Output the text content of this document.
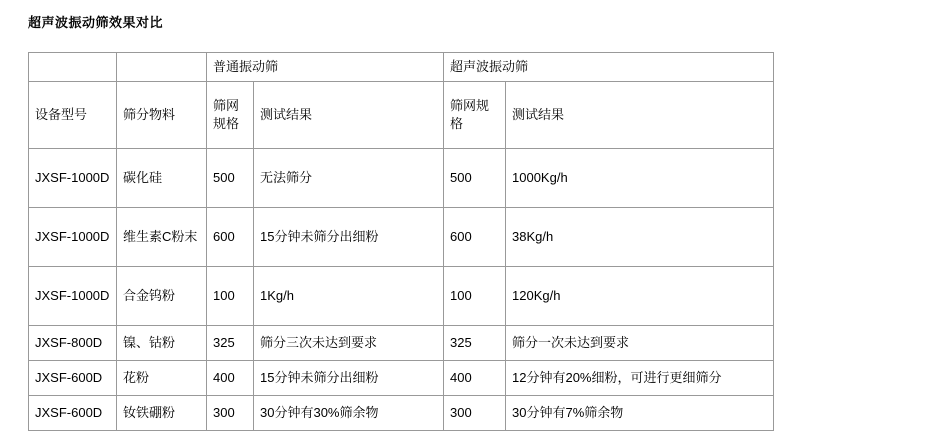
超声波振动筛效果对比
		普通振动筛		超声波振动筛	
设备型号	筛分物料	筛网规格	测试结果	筛网规格	测试结果
JXSF-1000D	碳化硅	500	无法筛分	500	1000Kg/h
JXSF-1000D	维生素C粉末	600	15分钟未筛分出细粉	600	38Kg/h
JXSF-1000D	合金钨粉	100	1Kg/h	100	120Kg/h
JXSF-800D	镍、钴粉	325	筛分三次未达到要求	325	筛分一次未达到要求
JXSF-600D	花粉	400	15分钟未筛分出细粉	400	12分钟有20%细粉，可进行更细筛分
JXSF-600D	钕铁硼粉	300	30分钟有30%筛余物	300	30分钟有7%筛余物
